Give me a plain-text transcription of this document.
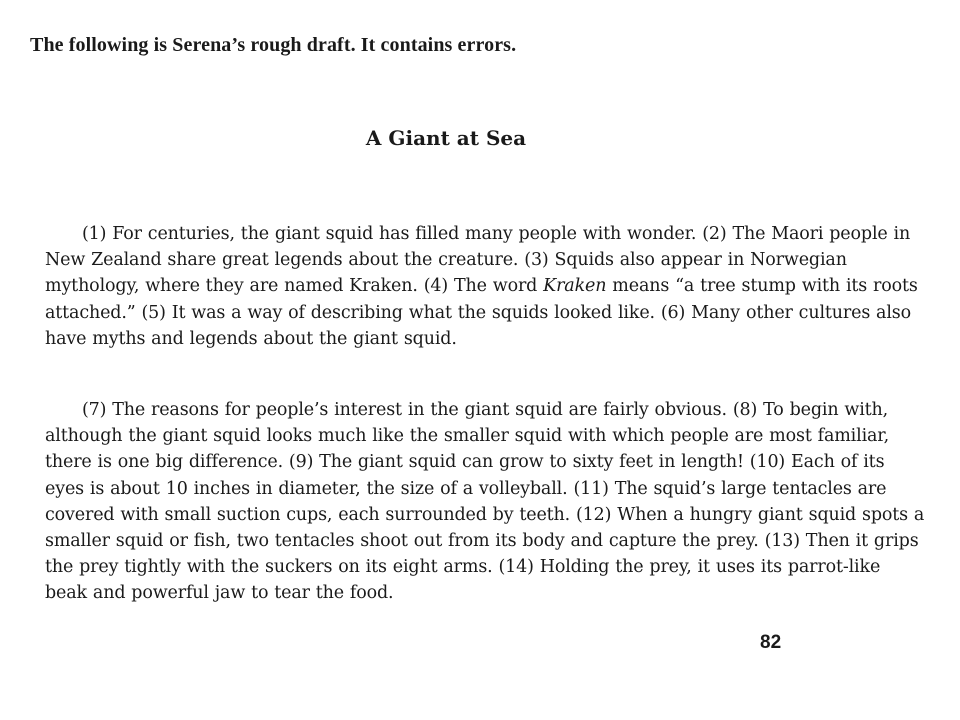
The following is Serena’s rough draft. It contains errors.

A Giant at Sea

(1) For centuries, the giant squid has filled many people with wonder. (2) The Maori people in New Zealand share great legends about the creature. (3) Squids also appear in Norwegian mythology, where they are named Kraken. (4) The word Kraken means “a tree stump with its roots attached.” (5) It was a way of describing what the squids looked like. (6) Many other cultures also have myths and legends about the giant squid.

(7) The reasons for people’s interest in the giant squid are fairly obvious. (8) To begin with, although the giant squid looks much like the smaller squid with which people are most familiar, there is one big difference. (9) The giant squid can grow to sixty feet in length! (10) Each of its eyes is about 10 inches in diameter, the size of a volleyball. (11) The squid’s large tentacles are covered with small suction cups, each surrounded by teeth. (12) When a hungry giant squid spots a smaller squid or fish, two tentacles shoot out from its body and capture the prey. (13) Then it grips the prey tightly with the suckers on its eight arms. (14) Holding the prey, it uses its parrot-like beak and powerful jaw to tear the food.

82
